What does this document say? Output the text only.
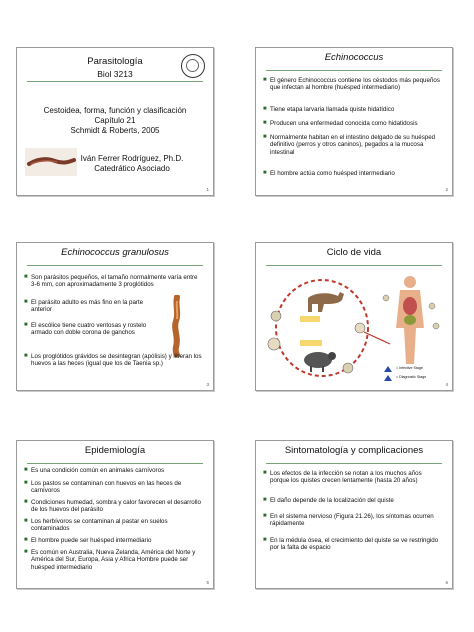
Parasitología
Biol 3213
Cestoidea, forma, función y clasificación
Capítulo 21
Schmidt & Roberts, 2005
Iván Ferrer Rodríguez, Ph.D.
Catedrático Asociado
1
Echinococcus
■ El género Echinococcus contiene los céstodos más pequeños que infectan al hombre (huésped intermediario)
■ Tiene etapa larvaria llamada quiste hidatídico
■ Producen una enfermedad conocida como hidatidosis
■ Normalmente habitan en el intestino delgado de su huésped definitivo (perros y otros caninos), pegados a la mucosa intestinal
■ El hombre actúa como huésped intermediario
2
Echinococcus granulosus
■ Son parásitos pequeños, el tamaño normalmente varía entre 3-6 mm, con aproximadamente 3 proglótidos
■ El parásito adulto es más fino en la parte anterior
■ El escólice tiene cuatro ventosas y rostelo armado con doble corona de ganchos
■ Los proglótidos grávidos se desintegran (apólisis) y liberan los huevos a las heces (igual que los de Taenia sp.)
3
Ciclo de vida
= Infective Stage
= Diagnostic Stage
4
Epidemiología
■ Es una condición común en animales carnívoros
■ Los pastos se contaminan con huevos en las heces de carnívoros
■ Condiciones humedad, sombra y calor favorecen el desarrollo de los huevos del parásito
■ Los herbívoros se contaminan al pastar en suelos contaminados
■ El hombre puede ser huésped intermediario
■ Es común en Australia, Nueva Zelanda, América del Norte y América del Sur, Europa, Asia y Africa Hombre puede ser huésped intermediario
5
Sintomatología y complicaciones
■ Los efectos de la infección se notan a los muchos años porque los quistes crecen lentamente (hasta 20 años)
■ El daño depende de la localización del quiste
■ En el sistema nervioso (Figura 21.26), los síntomas ocurren rápidamente
■ En la médula ósea, el crecimiento del quiste se ve restringido por la falta de espacio
6
